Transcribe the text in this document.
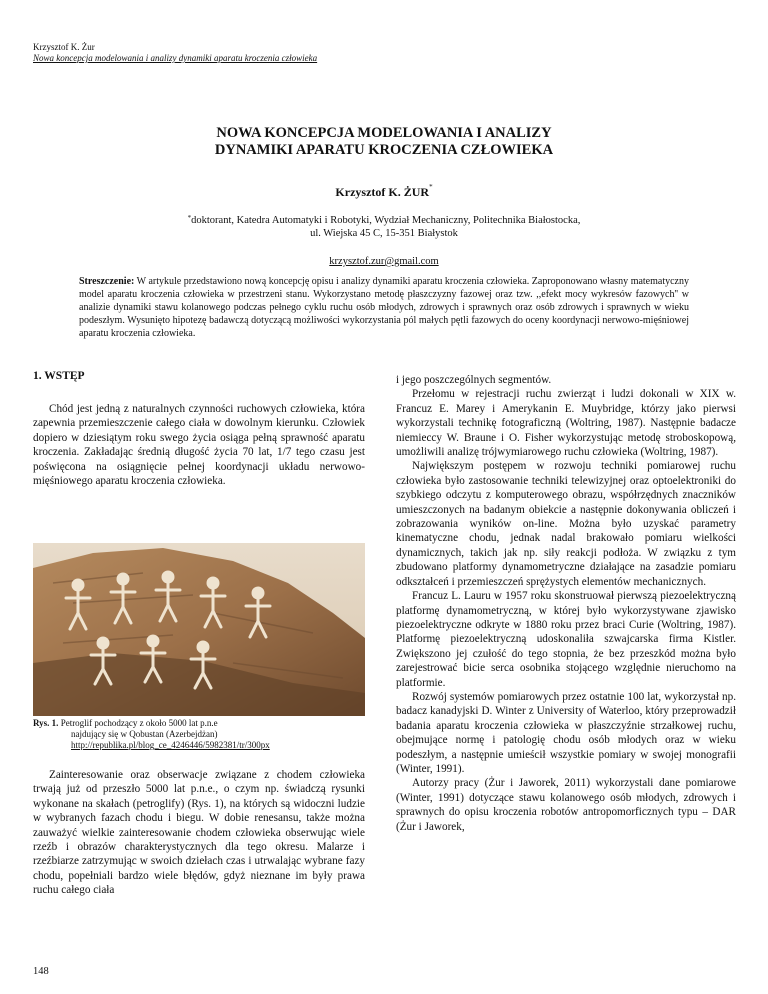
Krzysztof K. Żur
Nowa koncepcja modelowania i analizy dynamiki aparatu kroczenia człowieka
NOWA KONCEPCJA MODELOWANIA I ANALIZY
DYNAMIKI APARATU KROCZENIA CZŁOWIEKA
Krzysztof K. ŻUR*
*doktorant, Katedra Automatyki i Robotyki, Wydział Mechaniczny, Politechnika Białostocka,
ul. Wiejska 45 C, 15-351 Białystok
krzysztof.zur@gmail.com
Streszczenie: W artykule przedstawiono nową koncepcję opisu i analizy dynamiki aparatu kroczenia człowieka. Zaproponowano własny matematyczny model aparatu kroczenia człowieka w przestrzeni stanu. Wykorzystano metodę płaszczyzny fazowej oraz tzw. ,,efekt mocy wykresów fazowych'' w analizie dynamiki stawu kolanowego podczas pełnego cyklu ruchu osób młodych, zdrowych i sprawnych oraz osób zdrowych i sprawnych w wieku podeszłym. Wysunięto hipotezę badawczą dotyczącą możliwości wykorzystania pól małych pętli fazowych do oceny koordynacji nerwowo-mięśniowej aparatu kroczenia człowieka.
1. WSTĘP

Chód jest jedną z naturalnych czynności ruchowych człowieka, która zapewnia przemieszczenie całego ciała w dowolnym kierunku. Człowiek dopiero w dziesiątym roku swego życia osiąga pełną sprawność aparatu kroczenia. Zakładając średnią długość życia 70 lat, 1/7 tego czasu jest poświęcona na osiągnięcie pełnej koordynacji układu nerwowo-mięśniowego aparatu kroczenia człowieka.

Rys. 1. Petroglif pochodzący z około 5000 lat p.n.e
najdujący się w Qobustan (Azerbejdżan)
http://republika.pl/blog_ce_4246446/5982381/tr/300px

Zainteresowanie oraz obserwacje związane z chodem człowieka trwają już od przeszło 5000 lat p.n.e., o czym np. świadczą rysunki wykonane na skałach (petroglify) (Rys. 1), na których są widoczni ludzie w wybranych fazach chodu i biegu. W dobie renesansu, także można zauważyć wielkie zainteresowanie chodem człowieka obserwując wiele rzeźb i obrazów charakterystycznych dla tego okresu. Malarze i rzeźbiarze zatrzymując w swoich dziełach czas i utrwalając wybrane fazy chodu, popełniali bardzo wiele błędów, gdyż nieznane im były prawa ruchu całego ciała

i jego poszczególnych segmentów.

Przełomu w rejestracji ruchu zwierząt i ludzi dokonali w XIX w. Francuz E. Marey i Amerykanin E. Muybridge, którzy jako pierwsi wykorzystali technikę fotograficzną (Woltring, 1987). Następnie badacze niemieccy W. Braune i O. Fisher wykorzystując metodę stroboskopową, umożliwili analizę trójwymiarowego ruchu człowieka (Woltring, 1987).

Największym postępem w rozwoju techniki pomiarowej ruchu człowieka było zastosowanie techniki telewizyjnej oraz optoelektroniki do szybkiego odczytu z komputerowego obrazu, współrzędnych znaczników umieszczonych na badanym obiekcie a następnie dokonywania obliczeń i zobrazowania wyników on-line. Można było uzyskać parametry kinematyczne chodu, jednak nadal brakowało pomiaru wielkości dynamicznych, takich jak np. siły reakcji podłoża. W związku z tym zbudowano platformy dynamometryczne działające na zasadzie pomiaru odkształceń i przemieszczeń sprężystych elementów mechanicznych.

Francuz L. Lauru w 1957 roku skonstruował pierwszą piezoelektryczną platformę dynamometryczną, w której było wykorzystywane zjawisko piezoelektryczne odkryte w 1880 roku przez braci Curie (Woltring, 1987). Platformę piezoelektryczną udoskonaliła szwajcarska firma Kistler. Zwiększono jej czułość do tego stopnia, że bez przeszkód można było zarejestrować bicie serca osobnika stojącego względnie nieruchomo na platformie.

Rozwój systemów pomiarowych przez ostatnie 100 lat, wykorzystał np. badacz kanadyjski D. Winter z University of Waterloo, który przeprowadził badania aparatu kroczenia człowieka w płaszczyźnie strzałkowej ruchu, obejmujące normę i patologię chodu osób młodych oraz w wieku podeszłym, a następnie umieścił wszystkie pomiary w swojej monografii (Winter, 1991).

Autorzy pracy (Żur i Jaworek, 2011) wykorzystali dane pomiarowe (Winter, 1991) dotyczące stawu kolanowego osób młodych, zdrowych i sprawnych do opisu kroczenia robotów antropomorficznych typu – DAR (Żur i Jaworek,

148
